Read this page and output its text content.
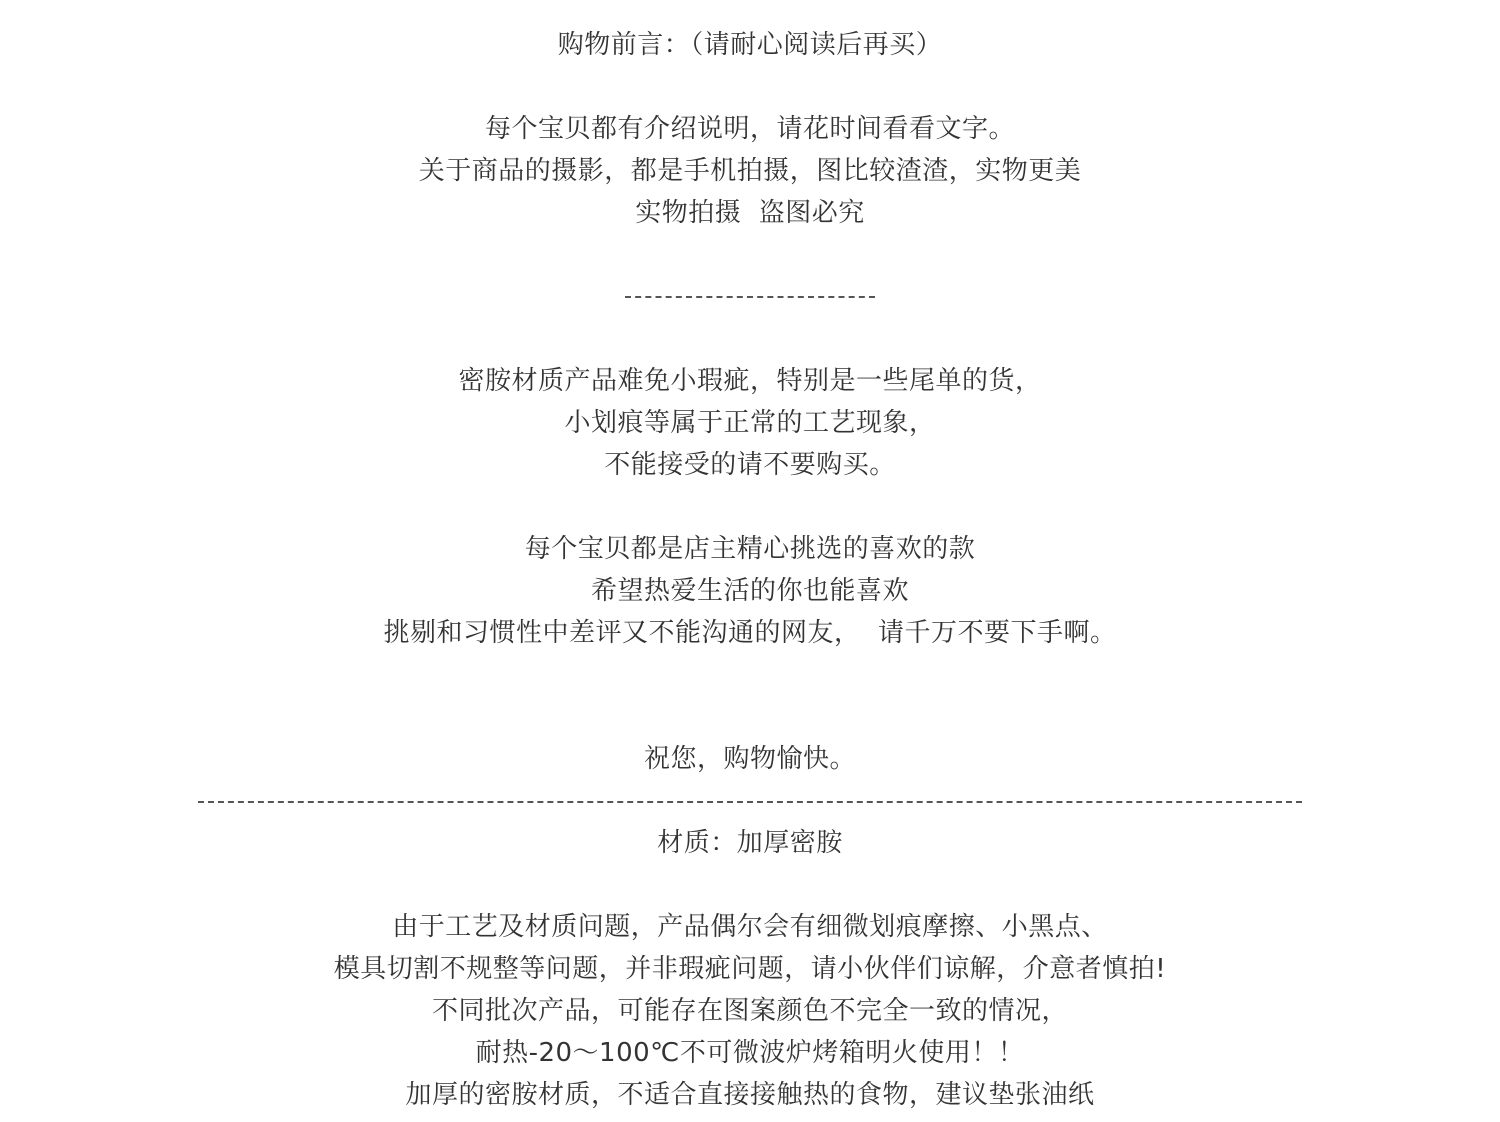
购物前言：（请耐心阅读后再买）
每个宝贝都有介绍说明，请花时间看看文字。
关于商品的摄影，都是手机拍摄，图比较渣渣，实物更美
实物拍摄  盗图必究
密胺材质产品难免小瑕疵，特别是一些尾单的货，
小划痕等属于正常的工艺现象，
不能接受的请不要购买。
每个宝贝都是店主精心挑选的喜欢的款
希望热爱生活的你也能喜欢
挑剔和习惯性中差评又不能沟通的网友，  请千万不要下手啊。
祝您，购物愉快。
材质：加厚密胺
由于工艺及材质问题，产品偶尔会有细微划痕摩擦、小黑点、
模具切割不规整等问题，并非瑕疵问题，请小伙伴们谅解，介意者慎拍!
不同批次产品，可能存在图案颜色不完全一致的情况，
耐热-20～100℃不可微波炉烤箱明火使用！！
加厚的密胺材质，不适合直接接触热的食物，建议垫张油纸
